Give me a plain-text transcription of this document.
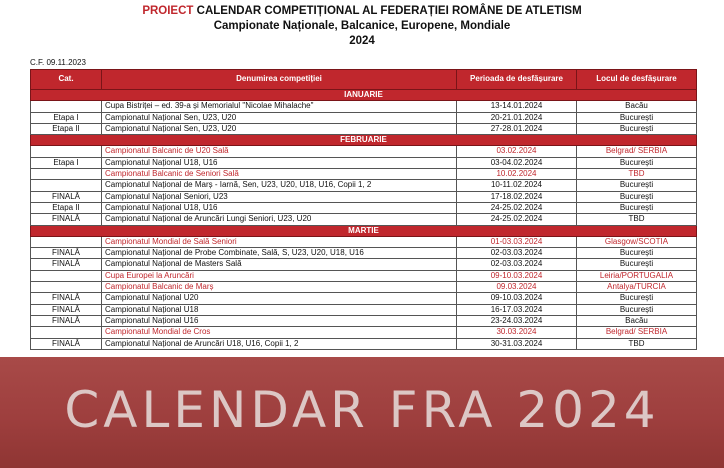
PROIECT CALENDAR COMPETIȚIONAL AL FEDERAȚIEI ROMÂNE DE ATLETISM
Campionate Naționale, Balcanice, Europene, Mondiale
2024
C.F. 09.11.2023
Cat.	Denumirea competiției	Perioada de desfășurare	Locul de desfășurare
IANUARIE			
	Cupa Bistriței – ed. 39-a și Memorialul "Nicolae Mihalache"	13-14.01.2024	Bacău
Etapa I	Campionatul Național Sen, U23, U20	20-21.01.2024	București
Etapa II	Campionatul Național Sen, U23, U20	27-28.01.2024	București
FEBRUARIE			
	Campionatul Balcanic de U20 Sală	03.02.2024	Belgrad/ SERBIA
Etapa I	Campionatul Național U18, U16	03-04.02.2024	București
	Campionatul Balcanic de Seniori Sală	10.02.2024	TBD
	Campionatul Național de Marș - Iarnă, Sen, U23, U20, U18, U16, Copii 1, 2	10-11.02.2024	București
FINALĂ	Campionatul Național Seniori, U23	17-18.02.2024	București
Etapa II	Campionatul Național U18, U16	24-25.02.2024	București
FINALĂ	Campionatul Național de Aruncări Lungi Seniori, U23, U20	24-25.02.2024	TBD
MARTIE			
	Campionatul Mondial de Sală Seniori	01-03.03.2024	Glasgow/SCOTIA
FINALĂ	Campionatul Național de Probe Combinate, Sală, S, U23, U20, U18, U16	02-03.03.2024	București
FINALĂ	Campionatul Național de Masters Sală	02-03.03.2024	București
	Cupa Europei la Aruncări	09-10.03.2024	Leiria/PORTUGALIA
	Campionatul Balcanic de Marș	09.03.2024	Antalya/TURCIA
FINALĂ	Campionatul Național U20	09-10.03.2024	București
FINALĂ	Campionatul Național U18	16-17.03.2024	București
FINALĂ	Campionatul Național U16	23-24.03.2024	Bacău
	Campionatul Mondial de Cros	30.03.2024	Belgrad/ SERBIA
FINALĂ	Campionatul Național de Aruncări U18, U16, Copii 1, 2	30-31.03.2024	TBD
CALENDAR FRA 2024
